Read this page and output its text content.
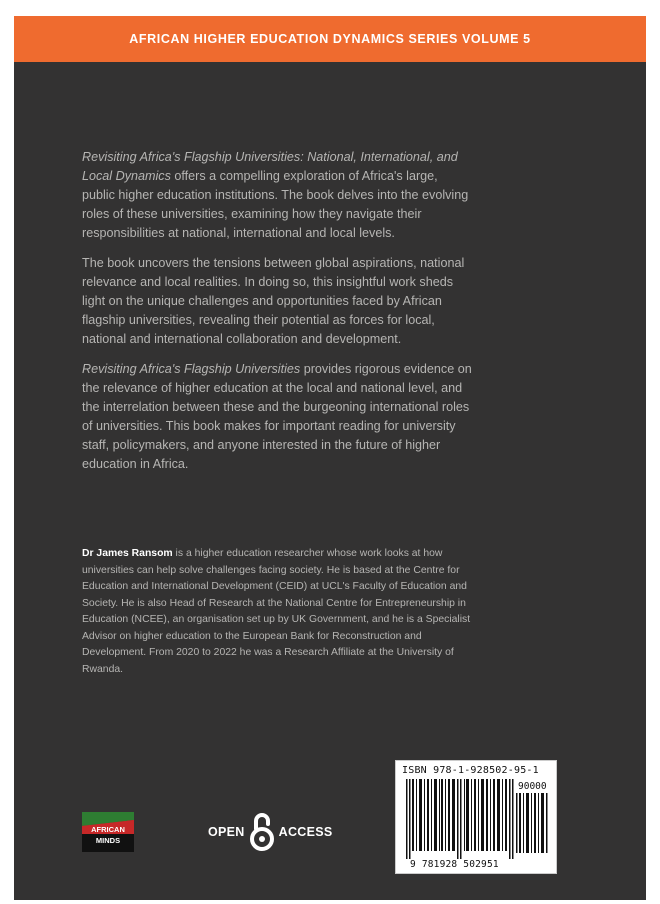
AFRICAN HIGHER EDUCATION DYNAMICS SERIES VOLUME 5

Revisiting Africa's Flagship Universities: National, International, and Local Dynamics offers a compelling exploration of Africa's large, public higher education institutions. The book delves into the evolving roles of these universities, examining how they navigate their responsibilities at national, international and local levels.

The book uncovers the tensions between global aspirations, national relevance and local realities. In doing so, this insightful work sheds light on the unique challenges and opportunities faced by African flagship universities, revealing their potential as forces for local, national and international collaboration and development.

Revisiting Africa's Flagship Universities provides rigorous evidence on the relevance of higher education at the local and national level, and the interrelation between these and the burgeoning international roles of universities. This book makes for important reading for university staff, policymakers, and anyone interested in the future of higher education in Africa.

Dr James Ransom is a higher education researcher whose work looks at how universities can help solve challenges facing society. He is based at the Centre for Education and International Development (CEID) at UCL's Faculty of Education and Society. He is also Head of Research at the National Centre for Entrepreneurship in Education (NCEE), an organisation set up by UK Government, and he is a Specialist Advisor on higher education to the European Bank for Reconstruction and Development. From 2020 to 2022 he was a Research Affiliate at the University of Rwanda.

AFRICAN
MINDS
OPEN	ACCESS
ISBN 978-1-928502-95-1
90000
9 781928 502951
